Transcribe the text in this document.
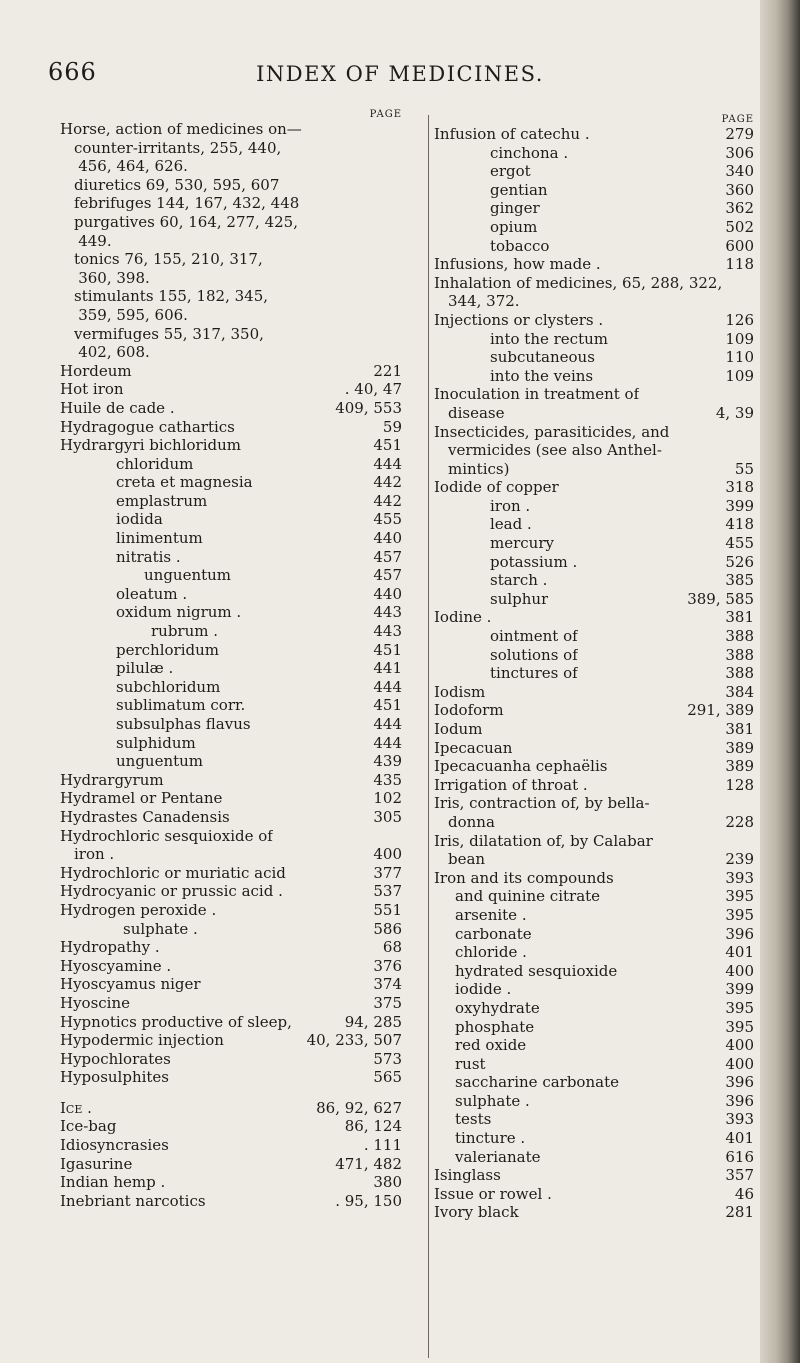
666	INDEX OF MEDICINES.
PAGE
Horse, action of medicines on—
counter-irritants, 255, 440,
456, 464, 626.
diuretics 69, 530, 595, 607
febrifuges 144, 167, 432, 448
purgatives 60, 164, 277, 425,
449.
tonics 76, 155, 210, 317,
360, 398.
stimulants 155, 182, 345,
359, 595, 606.
vermifuges 55, 317, 350,
402, 608.
Hordeum	221
Hot iron	. 40, 47
Huile de cade .	409, 553
Hydragogue cathartics	59
Hydrargyri bichloridum	451
chloridum	444
creta et magnesia	442
emplastrum	442
iodida	455
linimentum	440
nitratis .	457
unguentum	457
oleatum .	440
oxidum nigrum .	443
rubrum .	443
perchloridum	451
pilulæ .	441
subchloridum	444
sublimatum corr.	451
subsulphas flavus	444
sulphidum	444
unguentum	439
Hydrargyrum	435
Hydramel or Pentane	102
Hydrastes Canadensis	305
Hydrochloric sesquioxide of
iron .	400
Hydrochloric or muriatic acid	377
Hydrocyanic or prussic acid .	537
Hydrogen peroxide .	551
sulphate .	586
Hydropathy .	68
Hyoscyamine .	376
Hyoscyamus niger	374
Hyoscine	375
Hypnotics productive of sleep,	94, 285
Hypodermic injection	40, 233, 507
Hypochlorates	573
Hyposulphites	565
Ice .	86, 92, 627
Ice-bag	86, 124
Idiosyncrasies	. 111
Igasurine	471, 482
Indian hemp .	380
Inebriant narcotics	. 95, 150
PAGE
Infusion of catechu .	279
cinchona .	306
ergot	340
gentian	360
ginger	362
opium	502
tobacco	600
Infusions, how made .	118
Inhalation of medicines, 65, 288, 322,
344, 372.
Injections or clysters .	126
into the rectum	109
subcutaneous	110
into the veins	109
Inoculation in treatment of
disease	4, 39
Insecticides, parasiticides, and
vermicides (see also Anthel-
mintics)	55
Iodide of copper	318
iron .	399
lead .	418
mercury	455
potassium .	526
starch .	385
sulphur	389, 585
Iodine .	381
ointment of	388
solutions of	388
tinctures of	388
Iodism	384
Iodoform	291, 389
Iodum	381
Ipecacuan	389
Ipecacuanha cephaëlis	389
Irrigation of throat .	128
Iris, contraction of, by bella-
donna	228
Iris, dilatation of, by Calabar
bean	239
Iron and its compounds	393
and quinine citrate	395
arsenite .	395
carbonate	396
chloride .	401
hydrated sesquioxide	400
iodide .	399
oxyhydrate	395
phosphate	395
red oxide	400
rust	400
saccharine carbonate	396
sulphate .	396
tests	393
tincture .	401
valerianate	616
Isinglass	357
Issue or rowel .	46
Ivory black	281
